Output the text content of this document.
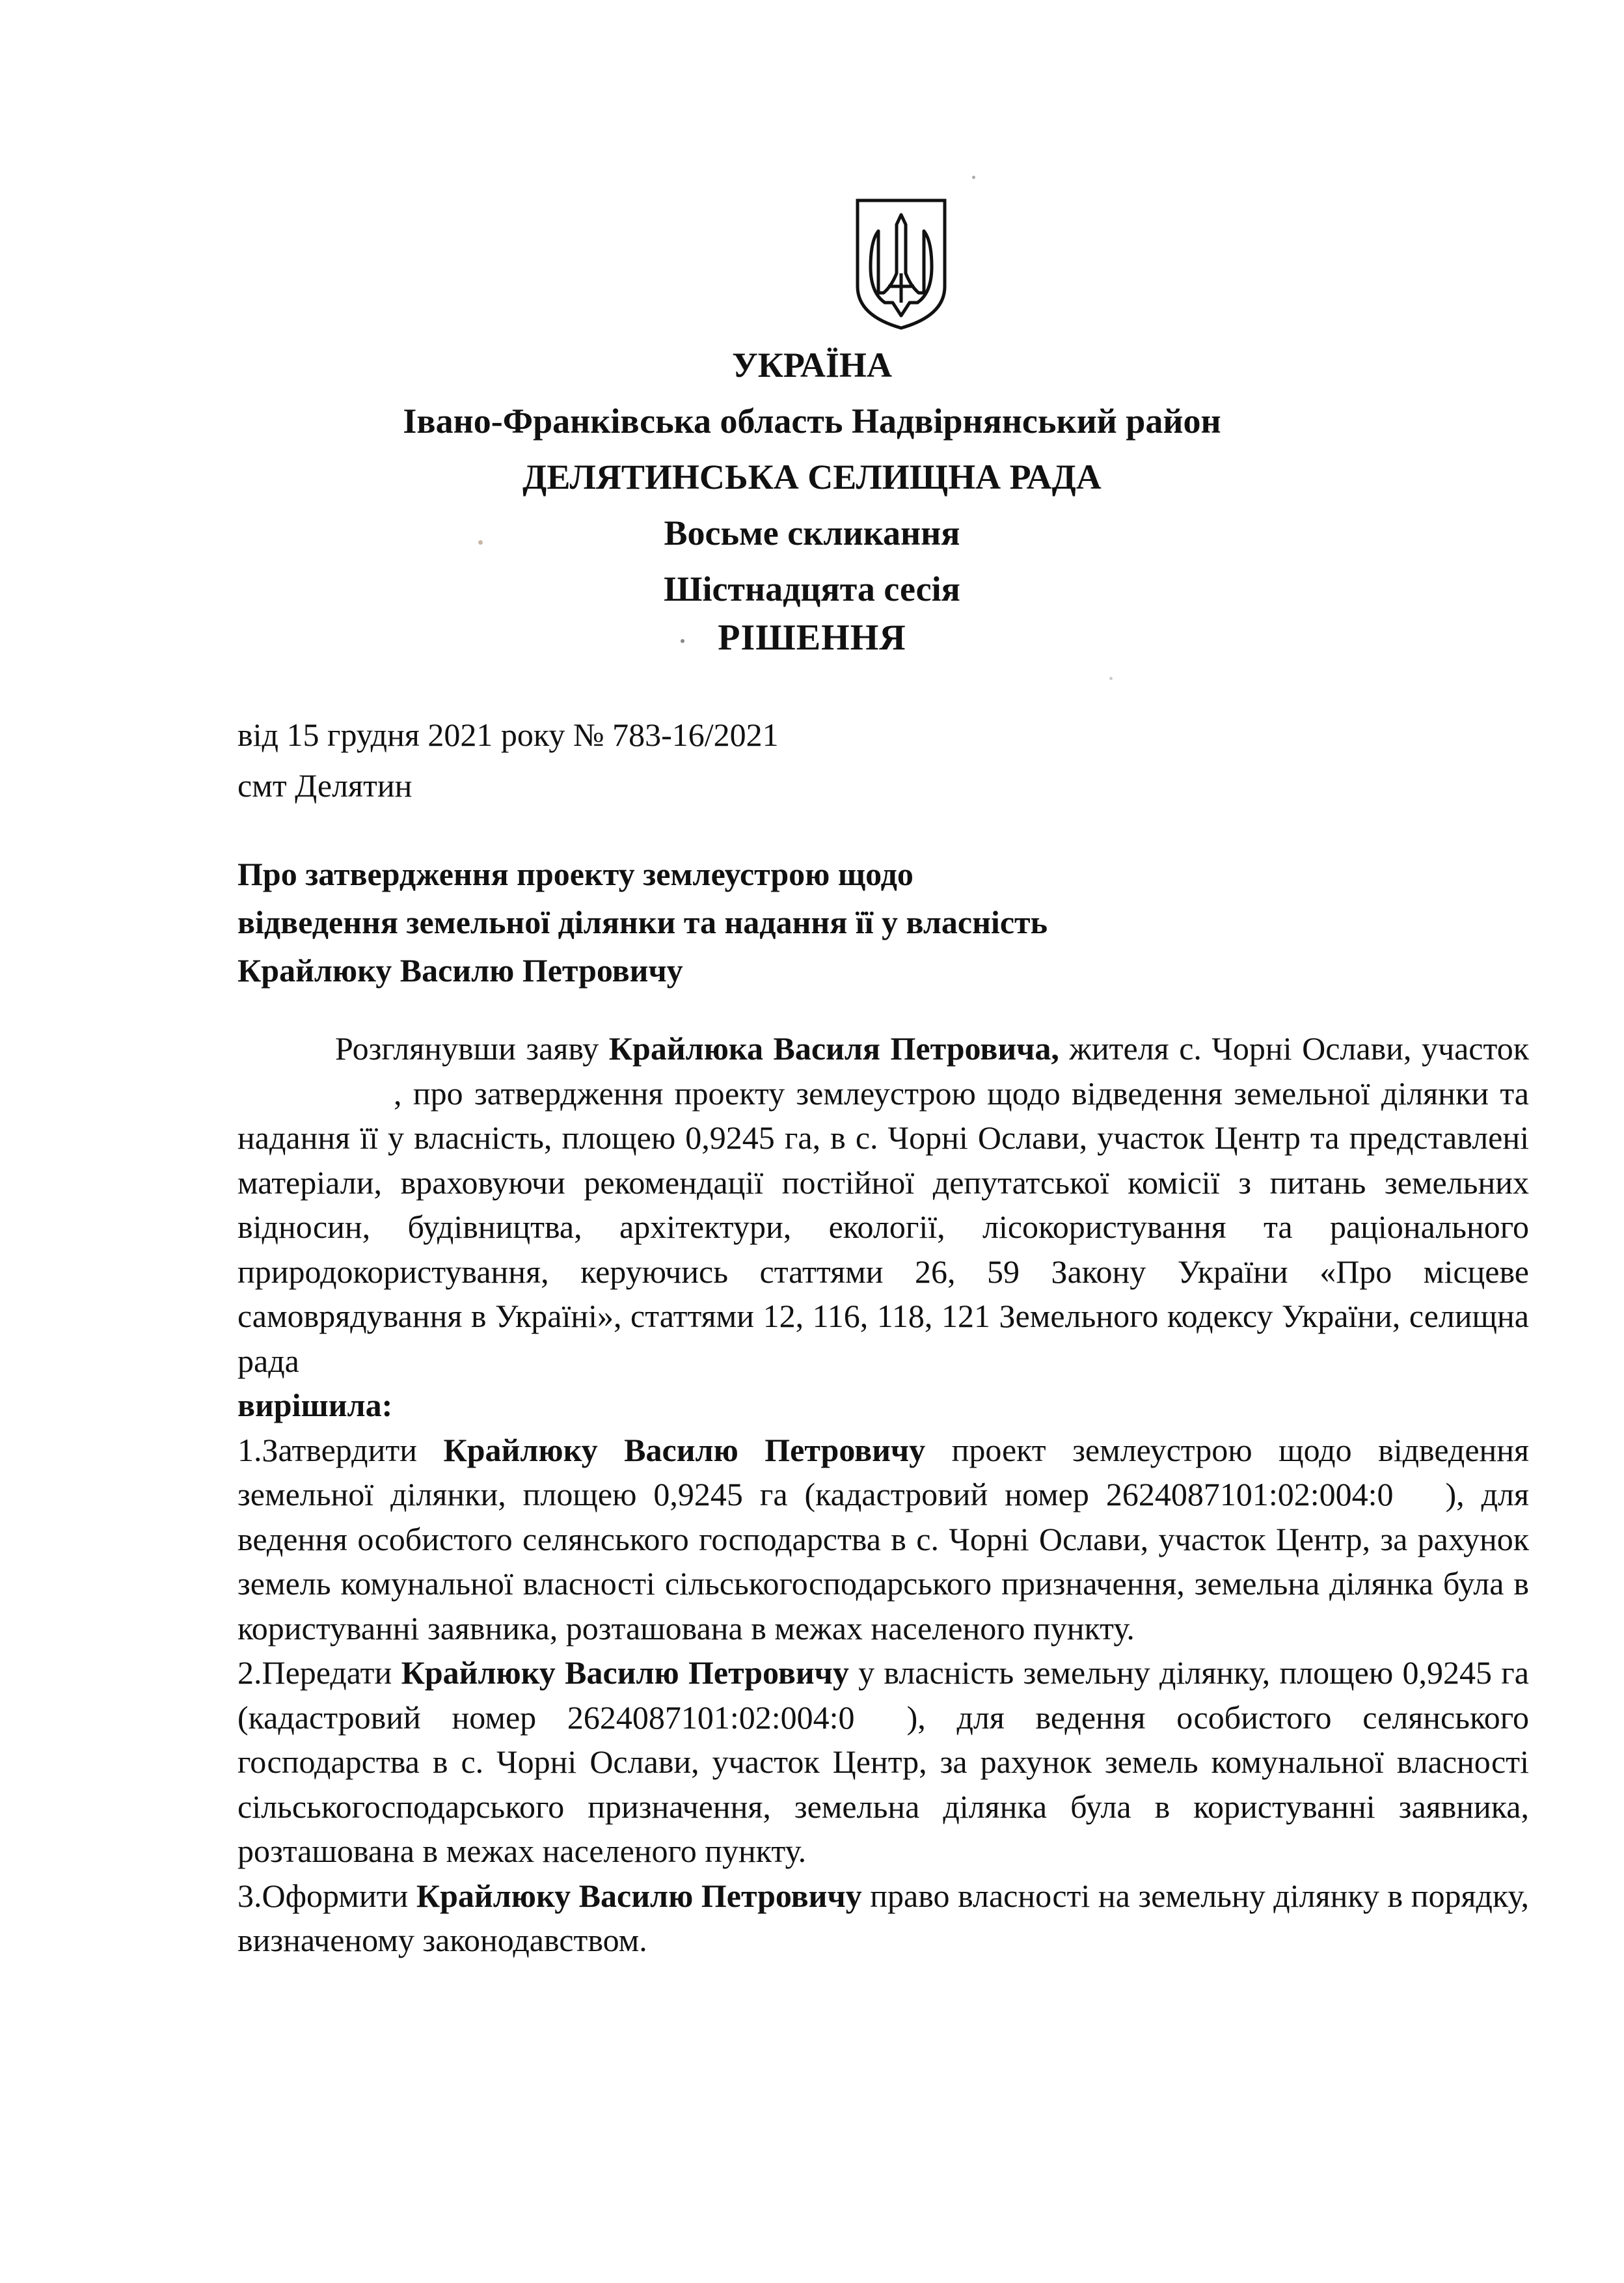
УКРАЇНА
Івано-Франківська область Надвірнянський район
ДЕЛЯТИНСЬКА СЕЛИЩНА РАДА
Восьме скликання
Шістнадцята сесія
РІШЕННЯ
від 15 грудня 2021 року № 783-16/2021
смт Делятин
Про затвердження проекту землеустрою щодо
відведення земельної ділянки та надання її у власність
Крайлюку Василю Петровичу

Розглянувши заяву Крайлюка Василя Петровича, жителя с. Чорні Ослави, участок , про затвердження проекту землеустрою щодо відведення земельної ділянки та надання її у власність, площею 0,9245 га, в с. Чорні Ослави, участок Центр та представлені матеріали, враховуючи рекомендації постійної депутатської комісії з питань земельних відносин, будівництва, архітектури, екології, лісокористування та раціонального природокористування, керуючись статтями 26, 59 Закону України «Про місцеве самоврядування в Україні», статтями 12, 116, 118, 121 Земельного кодексу України, селищна рада

вирішила:

1.Затвердити Крайлюку Василю Петровичу проект землеустрою щодо відведення земельної ділянки, площею 0,9245 га (кадастровий номер 2624087101:02:004:0 ), для ведення особистого селянського господарства в с. Чорні Ослави, участок Центр, за рахунок земель комунальної власності сільськогосподарського призначення, земельна ділянка була в користуванні заявника, розташована в межах населеного пункту.

2.Передати Крайлюку Василю Петровичу у власність земельну ділянку, площею 0,9245 га (кадастровий номер 2624087101:02:004:0 ), для ведення особистого селянського господарства в с. Чорні Ослави, участок Центр, за рахунок земель комунальної власності сільськогосподарського призначення, земельна ділянка була в користуванні заявника, розташована в межах населеного пункту.

3.Оформити Крайлюку Василю Петровичу право власності на земельну ділянку в порядку, визначеному законодавством.
